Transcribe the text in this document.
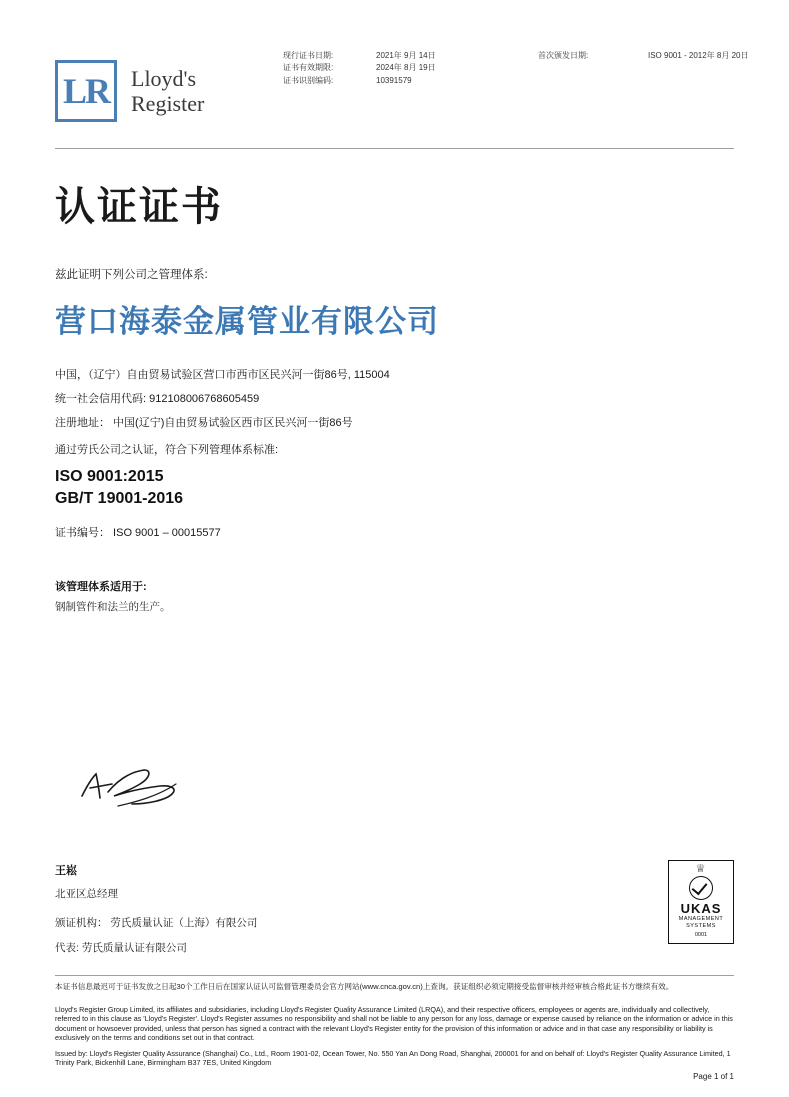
LR Lloyd's
Register
现行证书日期:
证书有效期限:
证书识别编码:
2021年 9月 14日
2024年 8月 19日
10391579
首次颁发日期:	ISO 9001 - 2012年 8月 20日
认证证书
兹此证明下列公司之管理体系:
营口海泰金属管业有限公司
中国，（辽宁）自由贸易试验区营口市西市区民兴河一街86号, 115004
统一社会信用代码: 912108006768605459
注册地址： 中国(辽宁)自由贸易试验区西市区民兴河一街86号
通过劳氏公司之认证，符合下列管理体系标准:
ISO 9001:2015
GB/T 19001-2016
证书编号： ISO 9001 – 00015577
该管理体系适用于:
钢制管件和法兰的生产。
王崧
北亚区总经理
颁证机构： 劳氏质量认证（上海）有限公司
代表: 劳氏质量认证有限公司
♕
UKAS
MANAGEMENT
SYSTEMS
0001
本证书信息最迟可于证书发放之日起30个工作日后在国家认证认可监督管理委员会官方网站(www.cnca.gov.cn)上查询。获证组织必须定期接受监督审核并经审核合格此证书方继续有效。

Lloyd's Register Group Limited, its affiliates and subsidiaries, including Lloyd's Register Quality Assurance Limited (LRQA), and their respective officers, employees or agents are, individually and collectively, referred to in this clause as 'Lloyd's Register'. Lloyd's Register assumes no responsibility and shall not be liable to any person for any loss, damage or expense caused by reliance on the information or advice in this document or howsoever provided, unless that person has signed a contract with the relevant Lloyd's Register entity for the provision of this information or advice and in that case any responsibility or liability is exclusively on the terms and conditions set out in that contract.

Issued by: Lloyd's Register Quality Assurance (Shanghai) Co., Ltd., Room 1901-02, Ocean Tower, No. 550 Yan An Dong Road, Shanghai, 200001 for and on behalf of: Lloyd's Register Quality Assurance Limited, 1 Trinity Park, Bickenhill Lane, Birmingham B37 7ES, United Kingdom

Page 1 of 1
